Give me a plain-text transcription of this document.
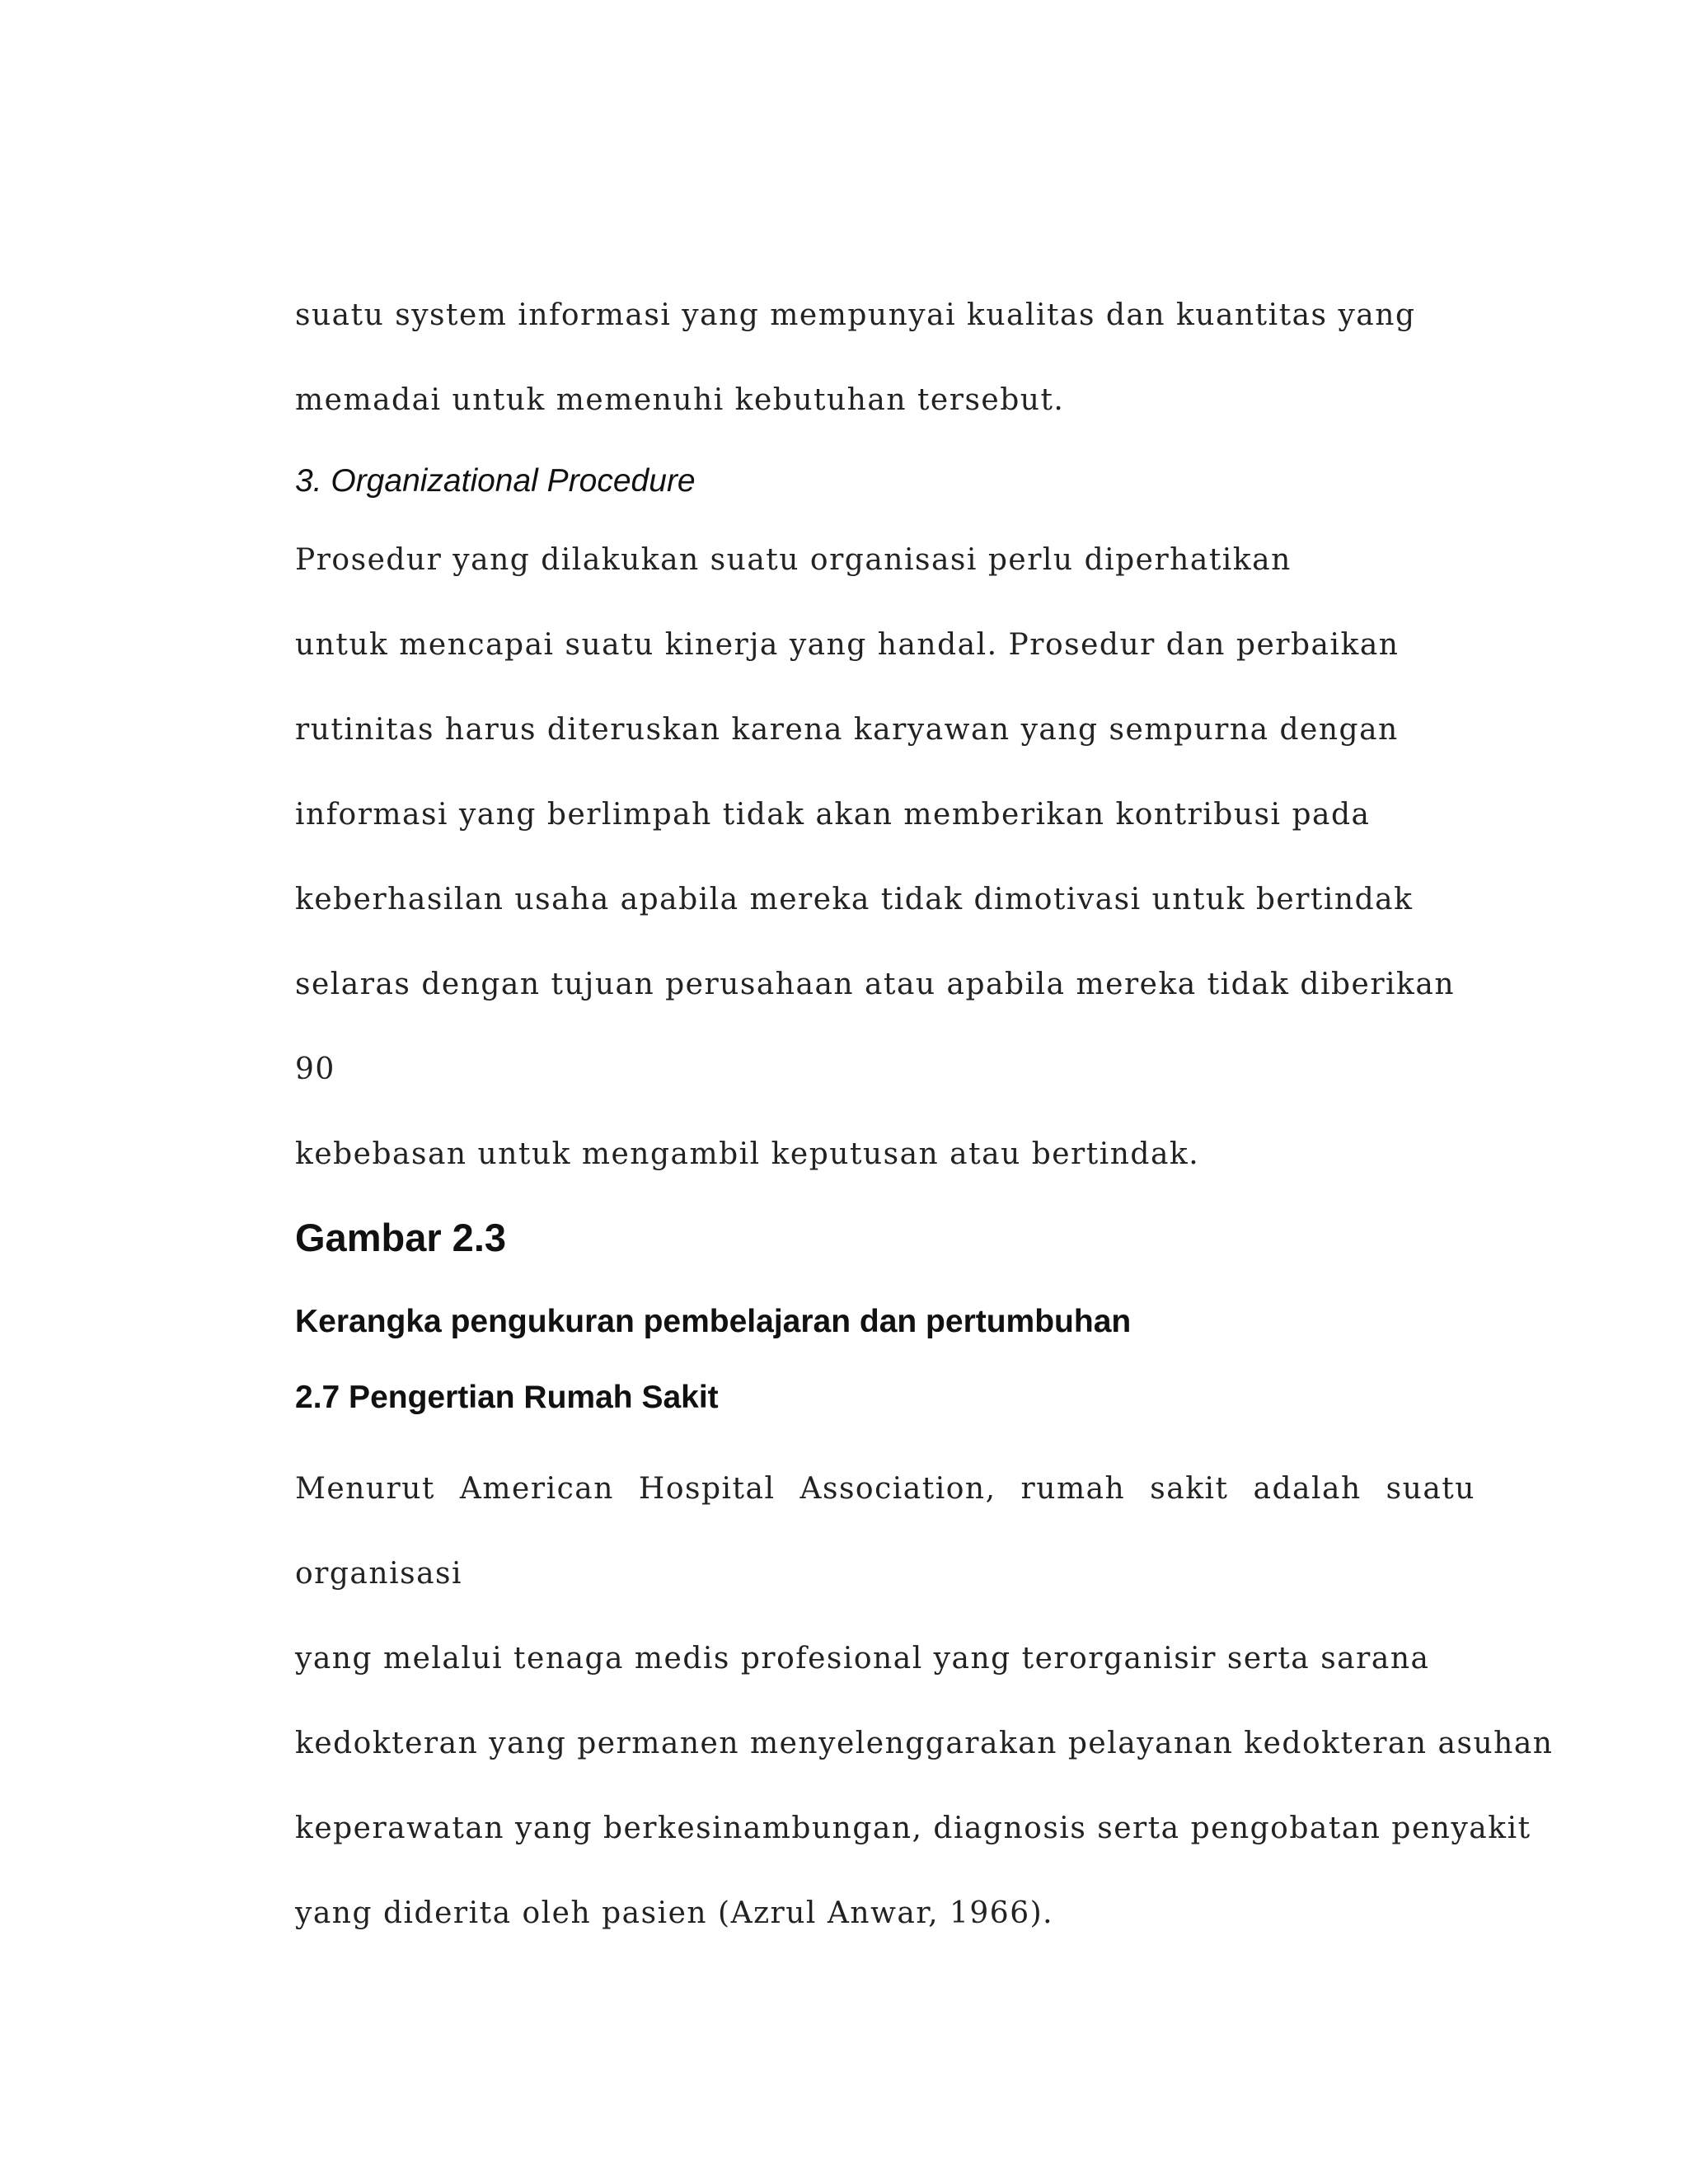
suatu system informasi yang mempunyai kualitas dan kuantitas yang

memadai untuk memenuhi kebutuhan tersebut.

3. Organizational Procedure

Prosedur yang dilakukan suatu organisasi perlu diperhatikan

untuk mencapai suatu kinerja yang handal. Prosedur dan perbaikan

rutinitas harus diteruskan karena karyawan yang sempurna dengan

informasi yang berlimpah tidak akan memberikan kontribusi pada

keberhasilan usaha apabila mereka tidak dimotivasi untuk bertindak

selaras dengan tujuan perusahaan atau apabila mereka tidak diberikan

90

kebebasan untuk mengambil keputusan atau bertindak.

Gambar 2.3

Kerangka pengukuran pembelajaran dan pertumbuhan

2.7 Pengertian Rumah Sakit

Menurut American Hospital Association, rumah sakit adalah suatu

organisasi

yang melalui tenaga medis profesional yang terorganisir serta sarana

kedokteran yang permanen menyelenggarakan pelayanan kedokteran asuhan

keperawatan yang berkesinambungan, diagnosis serta pengobatan penyakit

yang diderita oleh pasien (Azrul Anwar, 1966).
